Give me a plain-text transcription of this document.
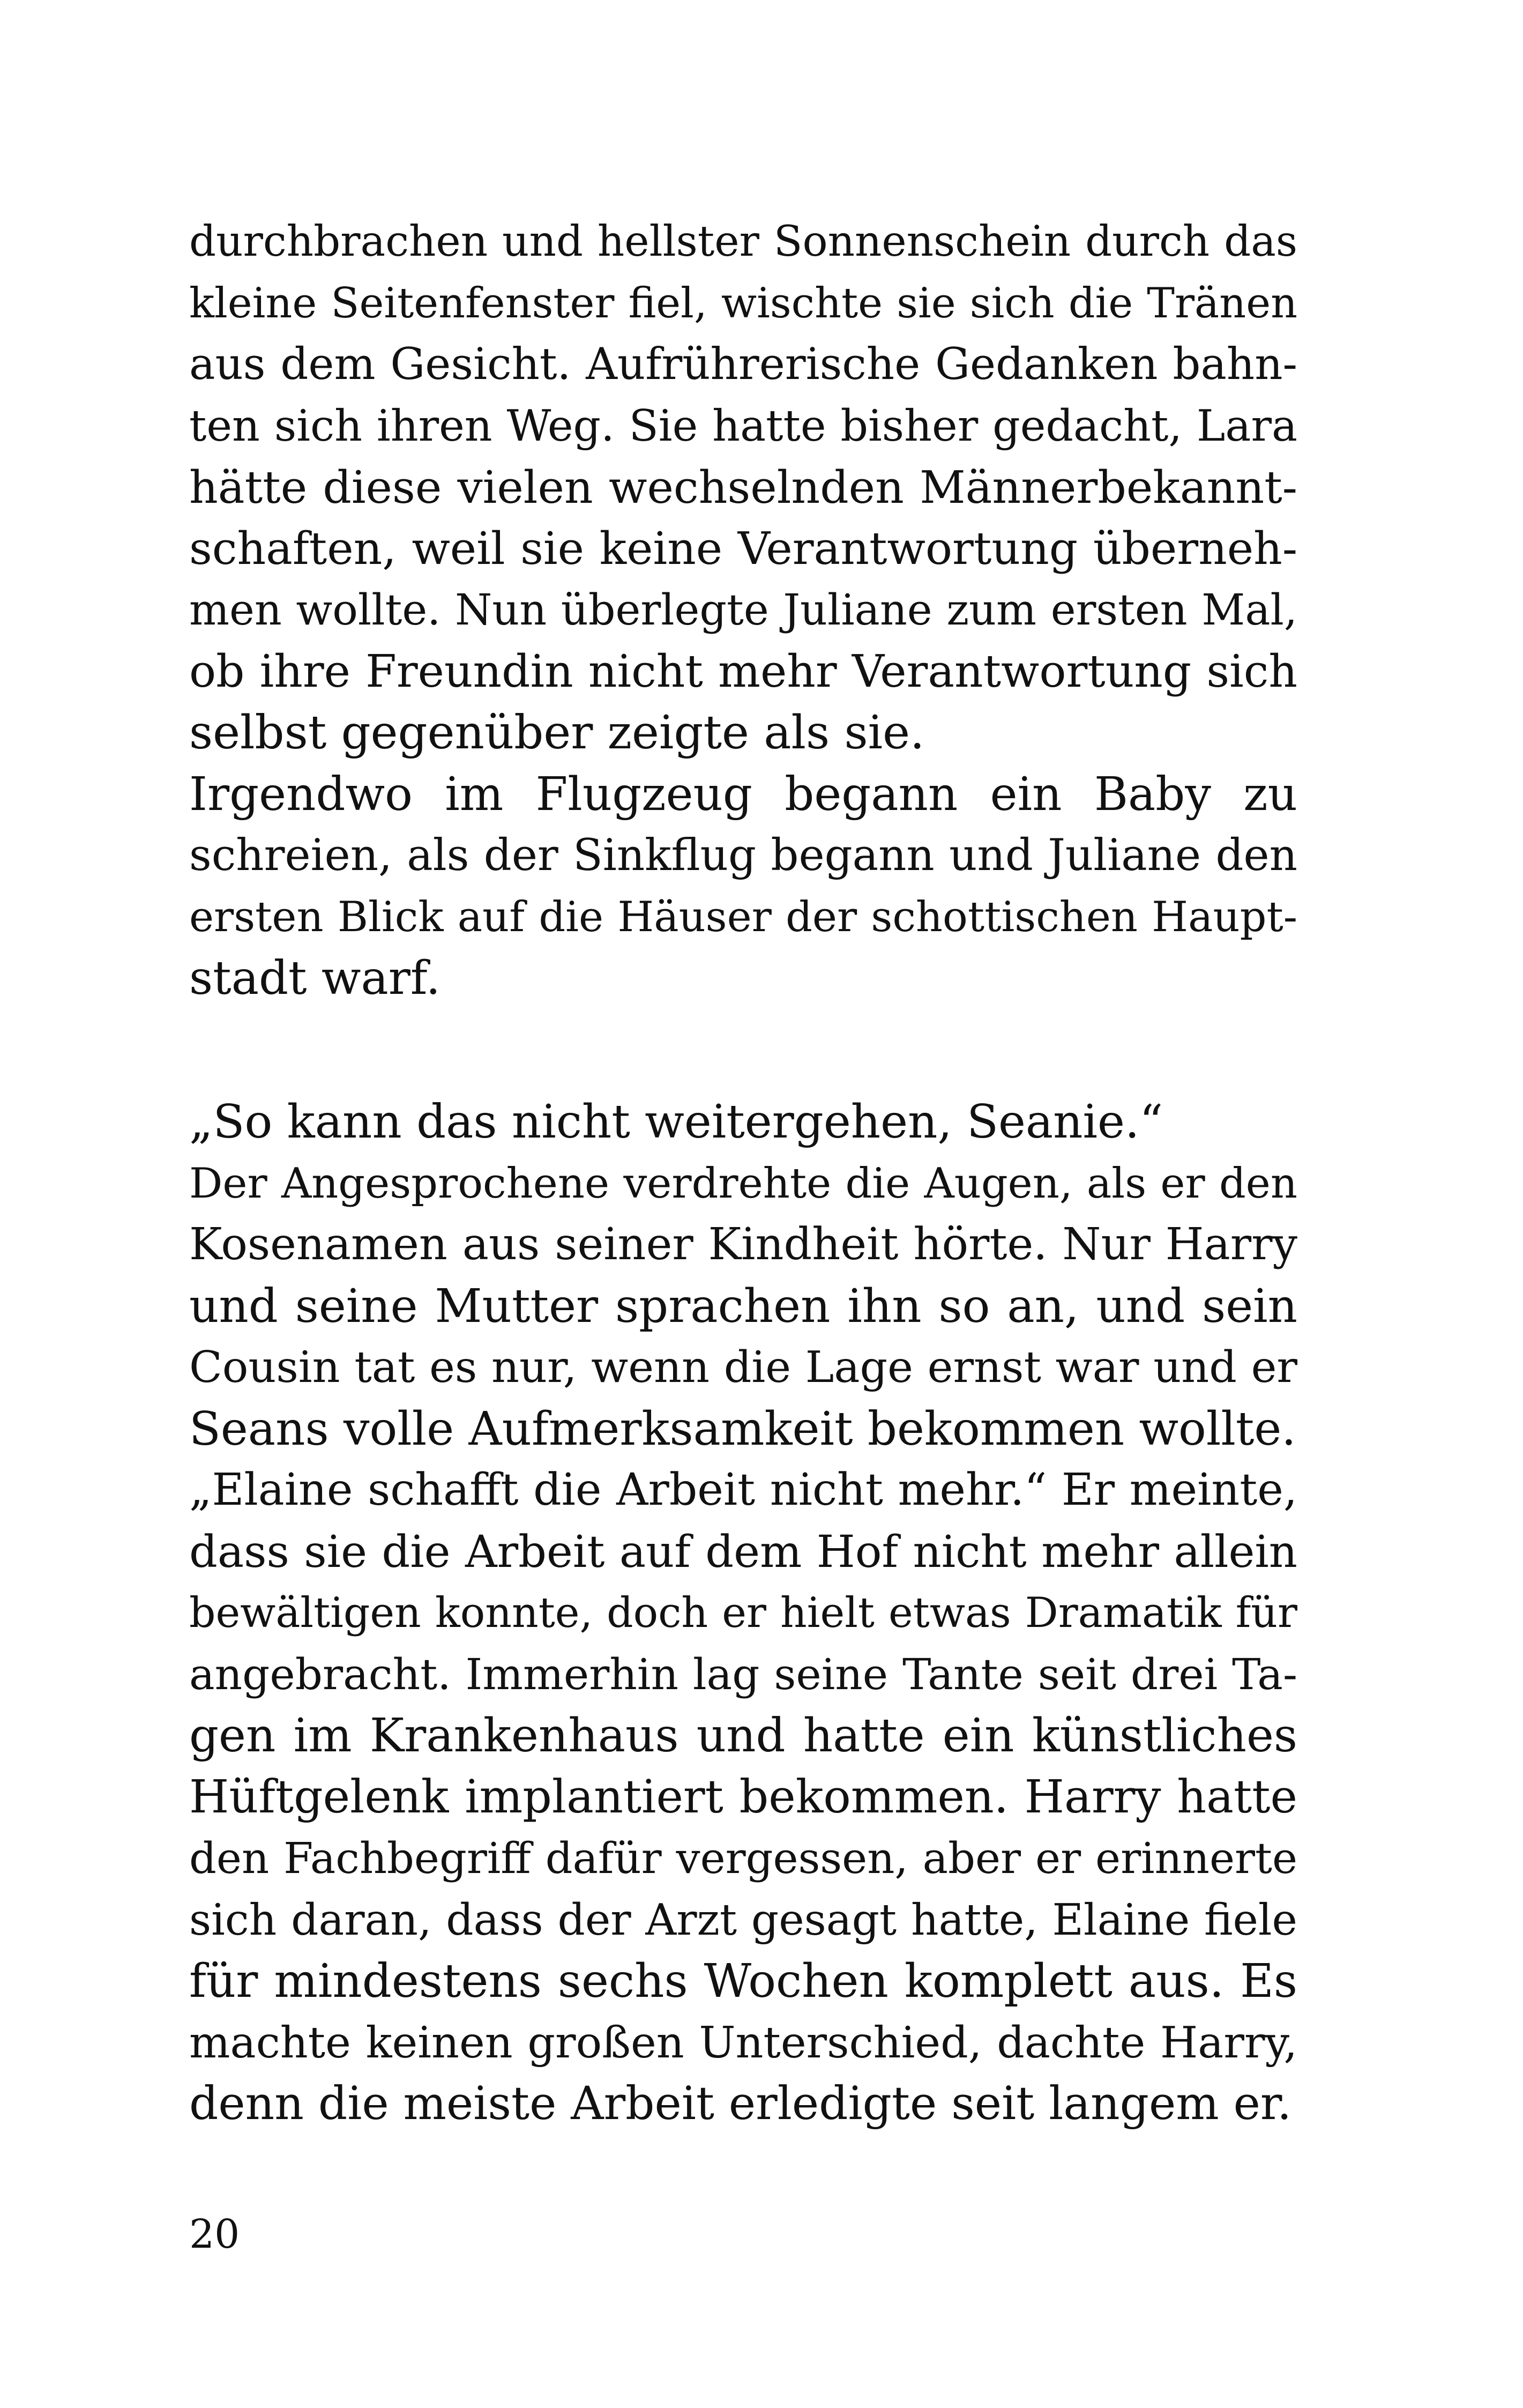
durchbrachen und hellster Sonnenschein durch das
kleine Seitenfenster fiel, wischte sie sich die Tränen
aus dem Gesicht. Aufrührerische Gedanken bahn-
ten sich ihren Weg. Sie hatte bisher gedacht, Lara
hätte diese vielen wechselnden Männerbekannt-
schaften, weil sie keine Verantwortung überneh-
men wollte. Nun überlegte Juliane zum ersten Mal,
ob ihre Freundin nicht mehr Verantwortung sich
selbst gegenüber zeigte als sie.
Irgendwo im Flugzeug begann ein Baby zu
schreien, als der Sinkflug begann und Juliane den
ersten Blick auf die Häuser der schottischen Haupt-
stadt warf.
„So kann das nicht weitergehen, Seanie.“
Der Angesprochene verdrehte die Augen, als er den
Kosenamen aus seiner Kindheit hörte. Nur Harry
und seine Mutter sprachen ihn so an, und sein
Cousin tat es nur, wenn die Lage ernst war und er
Seans volle Aufmerksamkeit bekommen wollte.
„Elaine schafft die Arbeit nicht mehr.“ Er meinte,
dass sie die Arbeit auf dem Hof nicht mehr allein
bewältigen konnte, doch er hielt etwas Dramatik für
angebracht. Immerhin lag seine Tante seit drei Ta-
gen im Krankenhaus und hatte ein künstliches
Hüftgelenk implantiert bekommen. Harry hatte
den Fachbegriff dafür vergessen, aber er erinnerte
sich daran, dass der Arzt gesagt hatte, Elaine fiele
für mindestens sechs Wochen komplett aus. Es
machte keinen großen Unterschied, dachte Harry,
denn die meiste Arbeit erledigte seit langem er.
20
